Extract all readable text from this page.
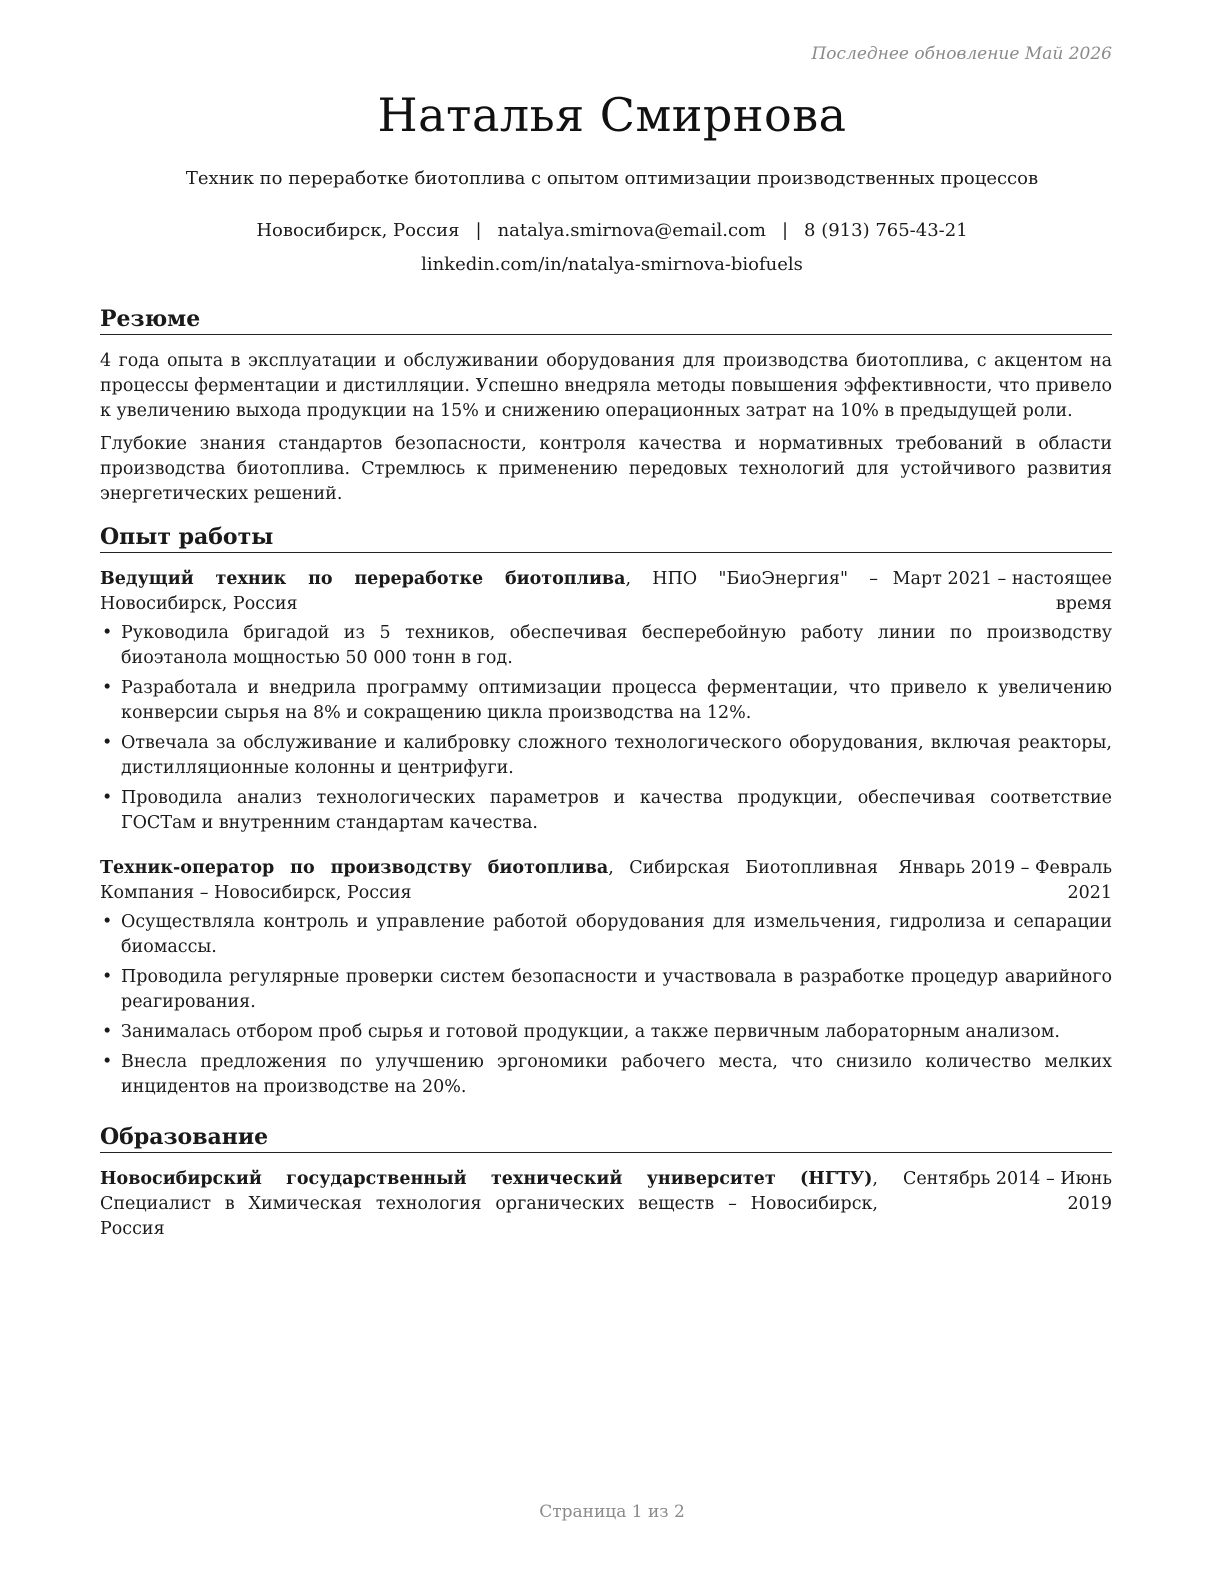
Последнее обновление Май 2026
Наталья Смирнова
Техник по переработке биотоплива с опытом оптимизации производственных процессов
Новосибирск, Россия | natalya.smirnova@email.com | 8 (913) 765-43-21
linkedin.com/in/natalya-smirnova-biofuels
Резюме

4 года опыта в эксплуатации и обслуживании оборудования для производства биотоплива, с акцентом на процессы ферментации и дистилляции. Успешно внедряла методы повышения эффективности, что привело к увеличению выхода продукции на 15% и снижению операционных затрат на 10% в предыдущей роли.

Глубокие знания стандартов безопасности, контроля качества и нормативных требований в области производства биотоплива. Стремлюсь к применению передовых технологий для устойчивого развития энергетических решений.

Опыт работы
Ведущий техник по переработке биотоплива, НПО "БиоЭнергия" – Новосибирск, Россия
Март 2021 – настоящее время
• Руководила бригадой из 5 техников, обеспечивая бесперебойную работу линии по производству биоэтанола мощностью 50 000 тонн в год.
• Разработала и внедрила программу оптимизации процесса ферментации, что привело к увеличению конверсии сырья на 8% и сокращению цикла производства на 12%.
• Отвечала за обслуживание и калибровку сложного технологического оборудования, включая реакторы, дистилляционные колонны и центрифуги.
• Проводила анализ технологических параметров и качества продукции, обеспечивая соответствие ГОСТам и внутренним стандартам качества.
Техник-оператор по производству биотоплива, Сибирская Биотопливная Компания – Новосибирск, Россия
Январь 2019 – Февраль 2021
• Осуществляла контроль и управление работой оборудования для измельчения, гидролиза и сепарации биомассы.
• Проводила регулярные проверки систем безопасности и участвовала в разработке процедур аварийного реагирования.
• Занималась отбором проб сырья и готовой продукции, а также первичным лабораторным анализом.
• Внесла предложения по улучшению эргономики рабочего места, что снизило количество мелких инцидентов на производстве на 20%.
Образование
Новосибирский государственный технический университет (НГТУ), Специалист в Химическая технология органических веществ – Новосибирск, Россия
Сентябрь 2014 – Июнь 2019
Страница 1 из 2
